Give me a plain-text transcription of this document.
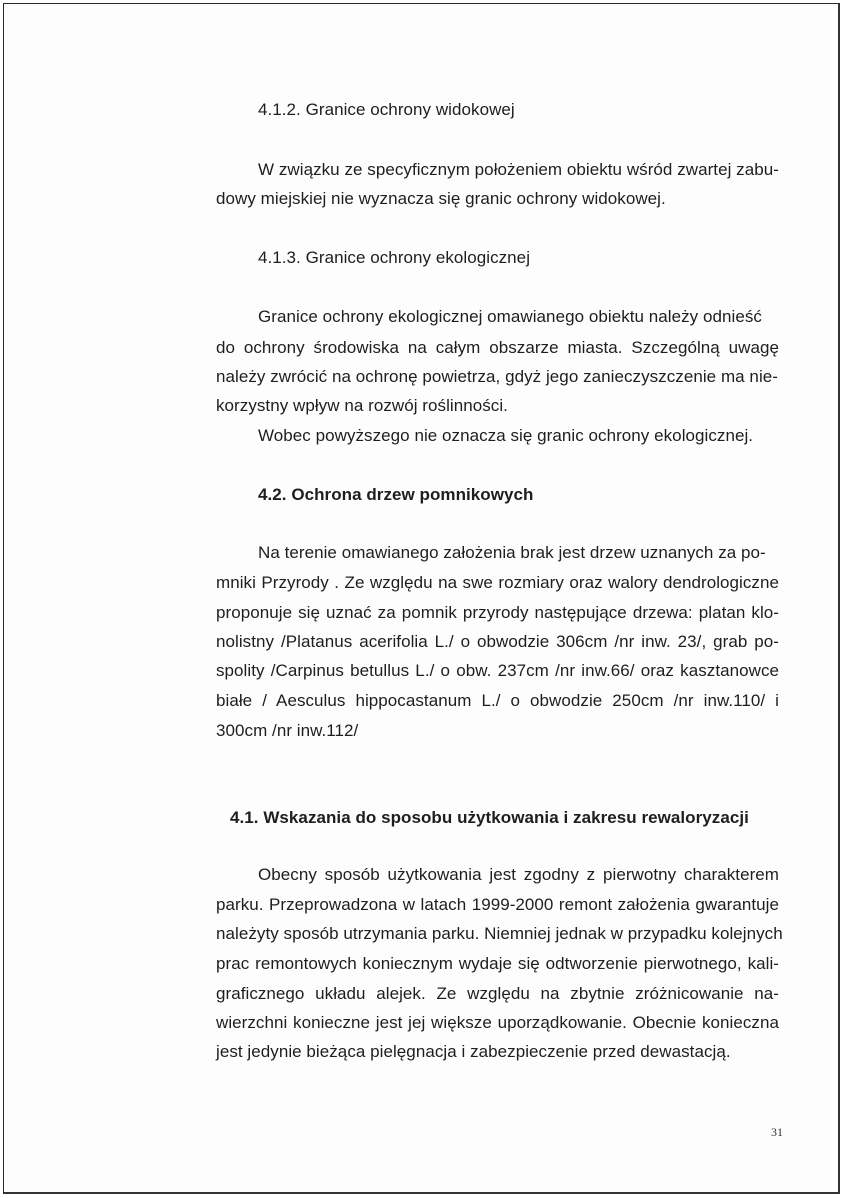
4.1.2. Granice ochrony widokowej
W związku ze specyficznym położeniem obiektu wśród zwartej zabu-
dowy miejskiej nie wyznacza się granic ochrony widokowej.
4.1.3. Granice ochrony ekologicznej
Granice ochrony ekologicznej omawianego obiektu należy odnieść
do ochrony środowiska na całym obszarze miasta. Szczególną uwagę
należy zwrócić na ochronę powietrza, gdyż jego zanieczyszczenie ma nie-
korzystny wpływ na rozwój roślinności.
Wobec powyższego nie oznacza się granic ochrony ekologicznej.
4.2. Ochrona drzew pomnikowych
Na terenie omawianego założenia brak jest drzew uznanych za po-
mniki Przyrody . Ze względu na swe rozmiary oraz walory dendrologiczne
proponuje się uznać za pomnik przyrody następujące drzewa: platan klo-
nolistny /Platanus acerifolia L./ o obwodzie 306cm /nr inw. 23/, grab po-
spolity /Carpinus betullus L./ o obw. 237cm /nr inw.66/ oraz kasztanowce
białe / Aesculus hippocastanum L./ o obwodzie 250cm /nr inw.110/ i
300cm /nr inw.112/
4.1. Wskazania do sposobu użytkowania i zakresu rewaloryzacji
Obecny sposób użytkowania jest zgodny z pierwotny charakterem
parku. Przeprowadzona w latach 1999-2000 remont założenia gwarantuje
należyty sposób utrzymania parku. Niemniej jednak w przypadku kolejnych
prac remontowych koniecznym wydaje się odtworzenie pierwotnego, kali-
graficznego układu alejek. Ze względu na zbytnie zróżnicowanie na-
wierzchni konieczne jest jej większe uporządkowanie. Obecnie konieczna
jest jedynie bieżąca pielęgnacja i zabezpieczenie przed dewastacją.
31
